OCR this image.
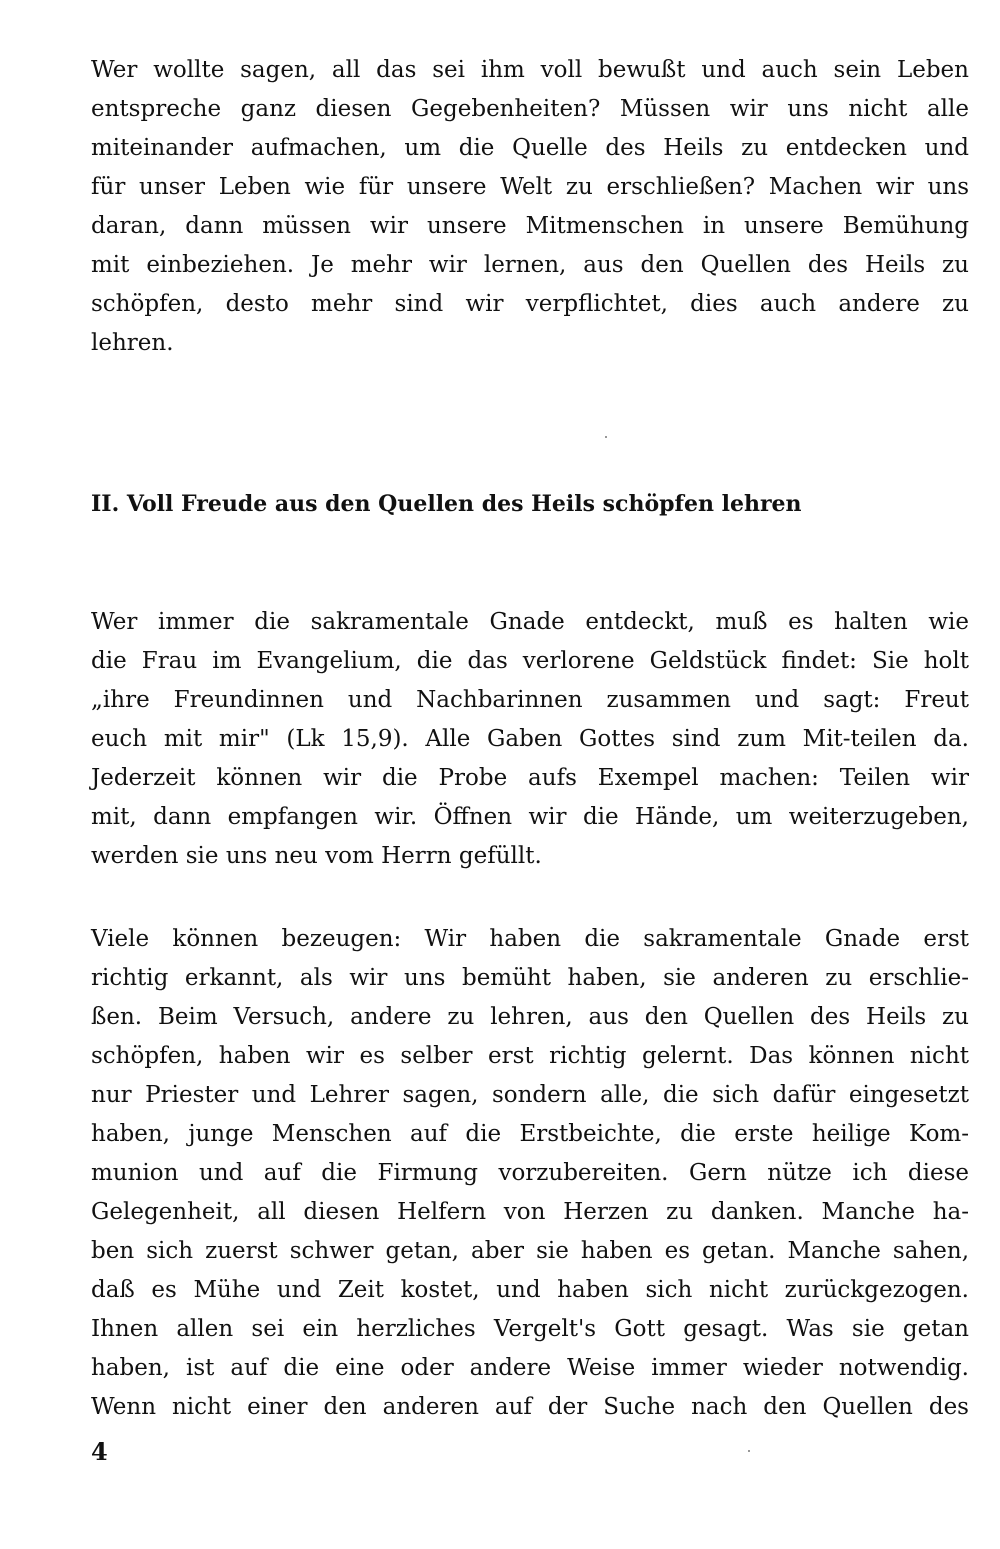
Wer wollte sagen, all das sei ihm voll bewußt und auch sein Leben
entspreche ganz diesen Gegebenheiten? Müssen wir uns nicht alle
miteinander aufmachen, um die Quelle des Heils zu entdecken und
für unser Leben wie für unsere Welt zu erschließen? Machen wir uns
daran, dann müssen wir unsere Mitmenschen in unsere Bemühung
mit einbeziehen. Je mehr wir lernen, aus den Quellen des Heils zu
schöpfen, desto mehr sind wir verpflichtet, dies auch andere zu
lehren.
II. Voll Freude aus den Quellen des Heils schöpfen lehren
Wer immer die sakramentale Gnade entdeckt, muß es halten wie
die Frau im Evangelium, die das verlorene Geldstück findet: Sie holt
„ihre Freundinnen und Nachbarinnen zusammen und sagt: Freut
euch mit mir" (Lk 15,9). Alle Gaben Gottes sind zum Mit-teilen da.
Jederzeit können wir die Probe aufs Exempel machen: Teilen wir
mit, dann empfangen wir. Öffnen wir die Hände, um weiterzugeben,
werden sie uns neu vom Herrn gefüllt.
Viele können bezeugen: Wir haben die sakramentale Gnade erst
richtig erkannt, als wir uns bemüht haben, sie anderen zu erschlie-
ßen. Beim Versuch, andere zu lehren, aus den Quellen des Heils zu
schöpfen, haben wir es selber erst richtig gelernt. Das können nicht
nur Priester und Lehrer sagen, sondern alle, die sich dafür eingesetzt
haben, junge Menschen auf die Erstbeichte, die erste heilige Kom-
munion und auf die Firmung vorzubereiten. Gern nütze ich diese
Gelegenheit, all diesen Helfern von Herzen zu danken. Manche ha-
ben sich zuerst schwer getan, aber sie haben es getan. Manche sahen,
daß es Mühe und Zeit kostet, und haben sich nicht zurückgezogen.
Ihnen allen sei ein herzliches Vergelt's Gott gesagt. Was sie getan
haben, ist auf die eine oder andere Weise immer wieder notwendig.
Wenn nicht einer den anderen auf der Suche nach den Quellen des
4
